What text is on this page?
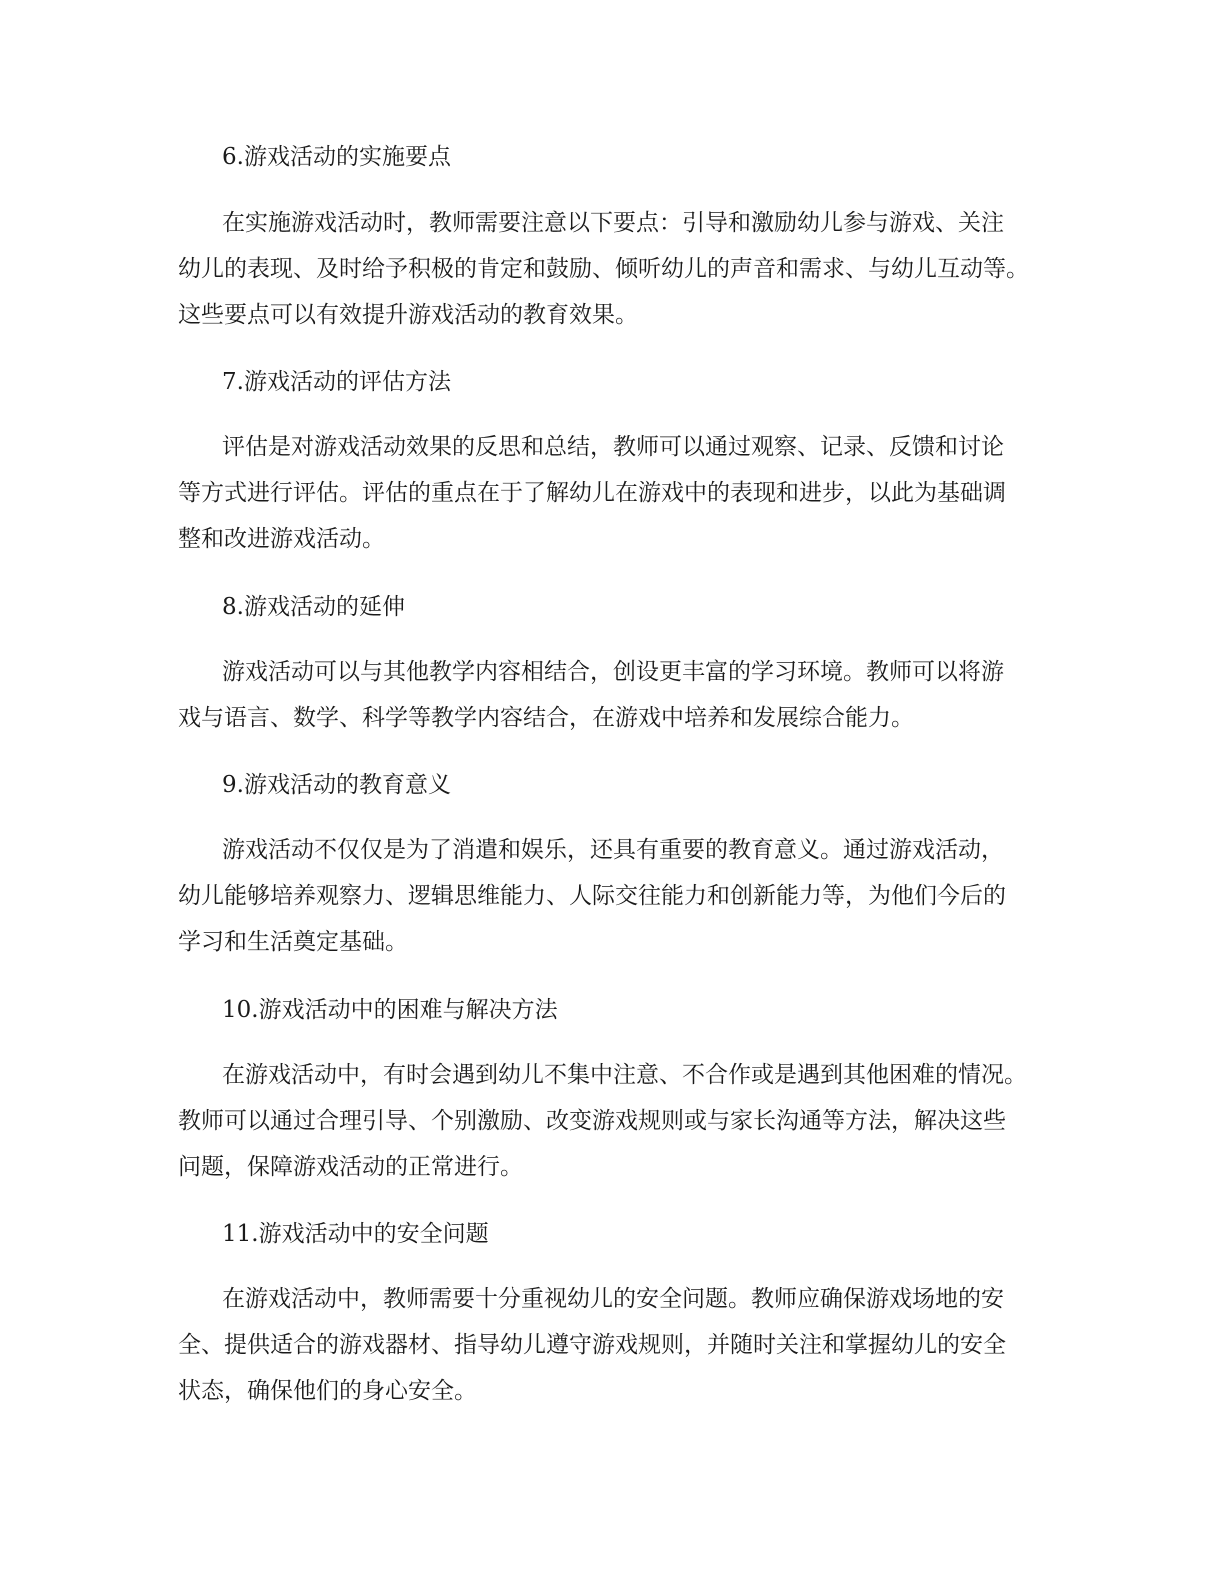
6.游戏活动的实施要点
在实施游戏活动时，教师需要注意以下要点：引导和激励幼儿参与游戏、关注
幼儿的表现、及时给予积极的肯定和鼓励、倾听幼儿的声音和需求、与幼儿互动等。
这些要点可以有效提升游戏活动的教育效果。
7.游戏活动的评估方法
评估是对游戏活动效果的反思和总结，教师可以通过观察、记录、反馈和讨论
等方式进行评估。评估的重点在于了解幼儿在游戏中的表现和进步，以此为基础调
整和改进游戏活动。
8.游戏活动的延伸
游戏活动可以与其他教学内容相结合，创设更丰富的学习环境。教师可以将游
戏与语言、数学、科学等教学内容结合，在游戏中培养和发展综合能力。
9.游戏活动的教育意义
游戏活动不仅仅是为了消遣和娱乐，还具有重要的教育意义。通过游戏活动，
幼儿能够培养观察力、逻辑思维能力、人际交往能力和创新能力等，为他们今后的
学习和生活奠定基础。
10.游戏活动中的困难与解决方法
在游戏活动中，有时会遇到幼儿不集中注意、不合作或是遇到其他困难的情况。
教师可以通过合理引导、个别激励、改变游戏规则或与家长沟通等方法，解决这些
问题，保障游戏活动的正常进行。
11.游戏活动中的安全问题
在游戏活动中，教师需要十分重视幼儿的安全问题。教师应确保游戏场地的安
全、提供适合的游戏器材、指导幼儿遵守游戏规则，并随时关注和掌握幼儿的安全
状态，确保他们的身心安全。
